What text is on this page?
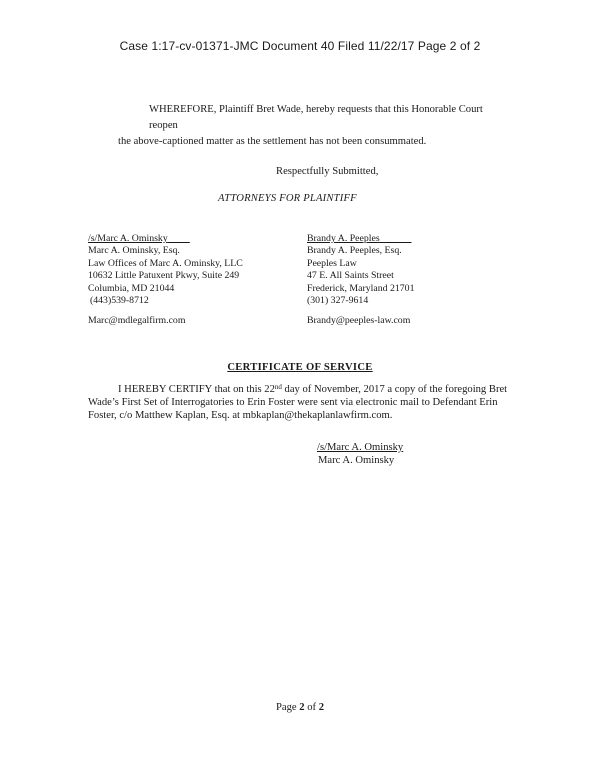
Case 1:17-cv-01371-JMC Document 40 Filed 11/22/17 Page 2 of 2
WHEREFORE, Plaintiff Bret Wade, hereby requests that this Honorable Court reopen
the above-captioned matter as the settlement has not been consummated.
Respectfully Submitted,
ATTORNEYS FOR PLAINTIFF
/s/Marc A. Ominsky
Marc A. Ominsky, Esq.
Law Offices of Marc A. Ominsky, LLC
10632 Little Patuxent Pkwy, Suite 249
Columbia, MD 21044
(443)539-8712
Marc@mdlegalfirm.com
Brandy A. Peeples
Brandy A. Peeples, Esq.
Peeples Law
47 E. All Saints Street
Frederick, Maryland 21701
(301) 327-9614
Brandy@peeples-law.com
CERTIFICATE OF SERVICE
I HEREBY CERTIFY that on this 22nd day of November, 2017 a copy of the foregoing Bret
Wade’s First Set of Interrogatories to Erin Foster were sent via electronic mail to Defendant Erin
Foster, c/o Matthew Kaplan, Esq. at mbkaplan@thekaplanlawfirm.com.
/s/Marc A. Ominsky
Marc A. Ominsky
Page 2 of 2
